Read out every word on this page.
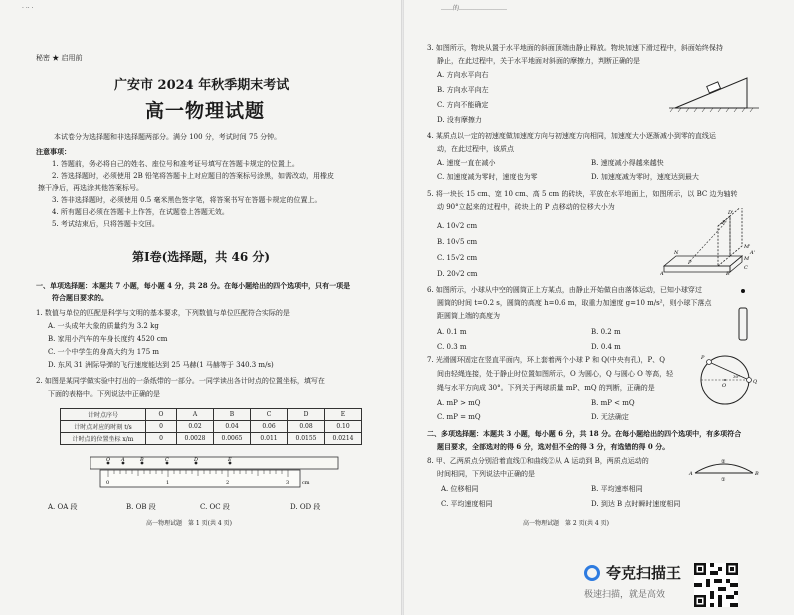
· ·· ·
秘密 ★ 启用前
广安市 2024 年秋季期末考试
高一物理试题
本试卷分为选择题和非选择题两部分。满分 100 分，考试时间 75 分钟。
注意事项：
1. 答题前，务必将自己的姓名、座位号和准考证号填写在答题卡规定的位置上。
2. 答选择题时，必须使用 2B 铅笔将答题卡上对应题目的答案标号涂黑，如需改动，用橡皮
擦干净后，再选涂其他答案标号。
3. 答非选择题时，必须使用 0.5 毫米黑色签字笔，将答案书写在答题卡规定的位置上。
4. 所有题目必须在答题卡上作答，在试题卷上答题无效。
5. 考试结束后，只将答题卡交回。
第Ⅰ卷(选择题，共 46 分)
一、单项选择题：本题共 7 小题，每小题 4 分，共 28 分。在每小题给出的四个选项中，只有一项是
符合题目要求的。
1. 数值与单位的匹配是科学与文明的基本要求，下列数值与单位匹配符合实际的是
A. 一头成年大象的质量约为 3.2 kg
B. 家用小汽车的车身长度约 4520 cm
C. 一个中学生的身高大约为 175 m
D. 东风 31 洲际导弹的飞行速度能达到 25 马赫(1 马赫等于 340.3 m/s)
2. 如图是某同学做实验中打出的一条纸带的一部分。一同学读出各计时点的位置坐标，填写在
下面的表格中。下列说法中正确的是
计时点序号	O	A	B	C	D	E
计时点对应的时刻 t/s	0	0.02	0.04	0.06	0.08	0.10
计时点的位置坐标 x/m	0	0.0028	0.0065	0.011	0.0155	0.0214
O A	B	C	D	E
0	1	2	3	cm
A. OA 段	B. OB 段	C. OC 段	D. OD 段
高一物理试题　第 1 页(共 4 页)
……的……………………
3. 如图所示，物块从置于水平地面的斜面顶端由静止释放。物块加速下滑过程中，斜面始终保持
静止，在此过程中，关于水平地面对斜面的摩擦力，判断正确的是
A. 方向水平向右
B. 方向水平向左
C. 方向不能确定
D. 没有摩擦力
4. 某质点以一定的初速度做加速度方向与初速度方向相同，加速度大小逐渐减小到零的直线运
动，在此过程中，该质点
A. 速度一直在减小	B. 速度减小得越来越快
C. 加速度减为零时，速度也为零	D. 加速度减为零时，速度达到最大
5. 将一块长 15 cm、宽 10 cm、高 5 cm 的砖块，平放在水平地面上，如图所示，以 BC 边为轴转
动 90°立起来的过程中，砖块上的 P 点移动的位移大小为
A. 10√2 cm
B. 10√5 cm
C. 15√2 cm
D. 20√2 cm
D'
P'
M'
N
P
M
A	B
C
A'
6. 如图所示，小球从中空的圆筒正上方某点，由静止开始做自由落体运动，已知小球穿过
圆筒的时间 t=0.2 s，圆筒的高度 h=0.6 m，取重力加速度 g=10 m/s²，则小球下落点
距圆筒上端的高度为
A. 0.1 m	B. 0.2 m
C. 0.3 m	D. 0.4 m
7. 光滑圆环固定在竖直平面内，环上套着两个小球 P 和 Q(中央有孔)，P、Q
间由轻绳连接，处于静止时位置如图所示，O 为圆心，Q 与圆心 O 等高，轻
绳与水平方向成 30°。下列关于两球质量 mP、mQ 的判断，正确的是
A. mP > mQ	B. mP < mQ
C. mP = mQ	D. 无法确定
P
O
Q
30°
二、多项选择题：本题共 3 小题，每小题 6 分，共 18 分。在每小题给出的四个选项中，有多项符合
题目要求，全部选对的得 6 分，选对但不全的得 3 分，有选错的得 0 分。
8. 甲、乙两质点分别沿着直线①和曲线②从 A 运动到 B，两质点运动的
时间相同，下列说法中正确的是
A. 位移相同	B. 平均速率相同
C. 平均速度相同	D. 到达 B 点时瞬时速度相同
A
②
①
B
高一物理试题　第 2 页(共 4 页)
夸克扫描王
极速扫描，就是高效
